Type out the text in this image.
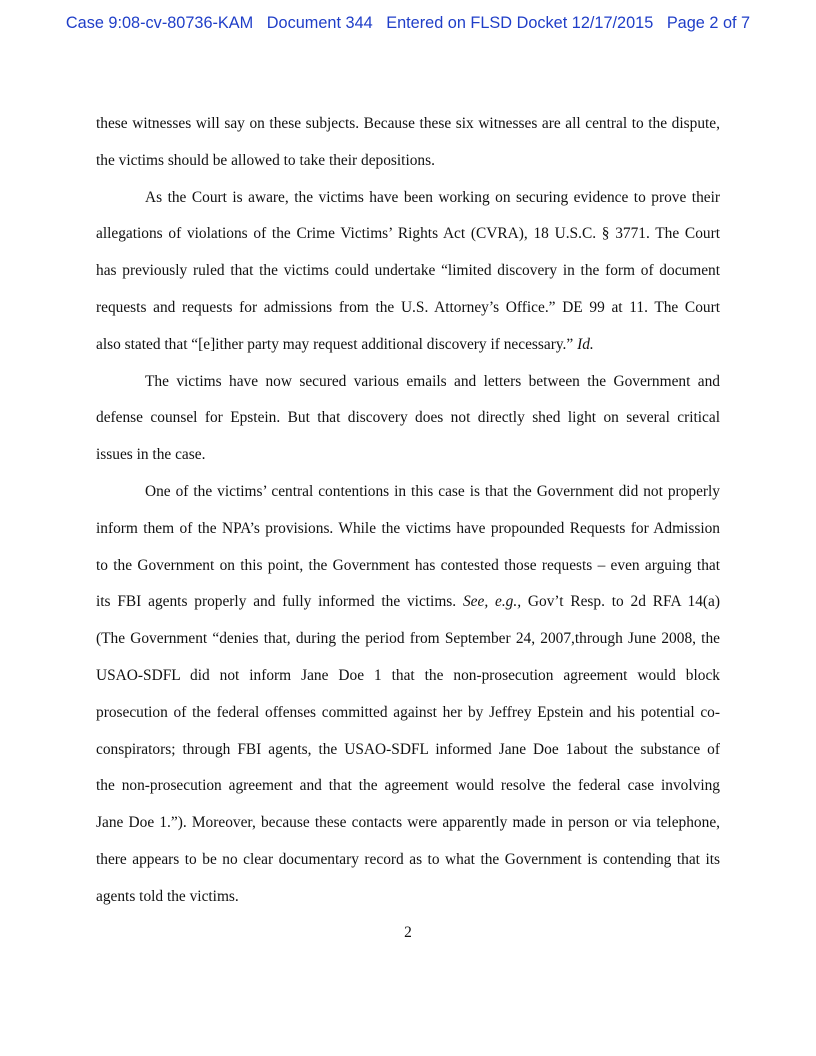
Case 9:08-cv-80736-KAM   Document 344   Entered on FLSD Docket 12/17/2015   Page 2 of 7

these witnesses will say on these subjects. Because these six witnesses are all central to the dispute,
the victims should be allowed to take their depositions.
As the Court is aware, the victims have been working on securing evidence to prove their
allegations of violations of the Crime Victims’ Rights Act (CVRA), 18 U.S.C. § 3771. The Court
has previously ruled that the victims could undertake “limited discovery in the form of document
requests and requests for admissions from the U.S. Attorney’s Office.” DE 99 at 11. The Court
also stated that “[e]ither party may request additional discovery if necessary.” Id.
The victims have now secured various emails and letters between the Government and
defense counsel for Epstein. But that discovery does not directly shed light on several critical
issues in the case.
One of the victims’ central contentions in this case is that the Government did not properly
inform them of the NPA’s provisions. While the victims have propounded Requests for Admission
to the Government on this point, the Government has contested those requests – even arguing that
its FBI agents properly and fully informed the victims. See, e.g., Gov’t Resp. to 2d RFA 14(a)
(The Government “denies that, during the period from September 24, 2007,through June 2008, the
USAO-SDFL did not inform Jane Doe 1 that the non-prosecution agreement would block
prosecution of the federal offenses committed against her by Jeffrey Epstein and his potential co-
conspirators; through FBI agents, the USAO-SDFL informed Jane Doe 1about the substance of
the non-prosecution agreement and that the agreement would resolve the federal case involving
Jane Doe 1.”). Moreover, because these contacts were apparently made in person or via telephone,
there appears to be no clear documentary record as to what the Government is contending that its
agents told the victims.

2
